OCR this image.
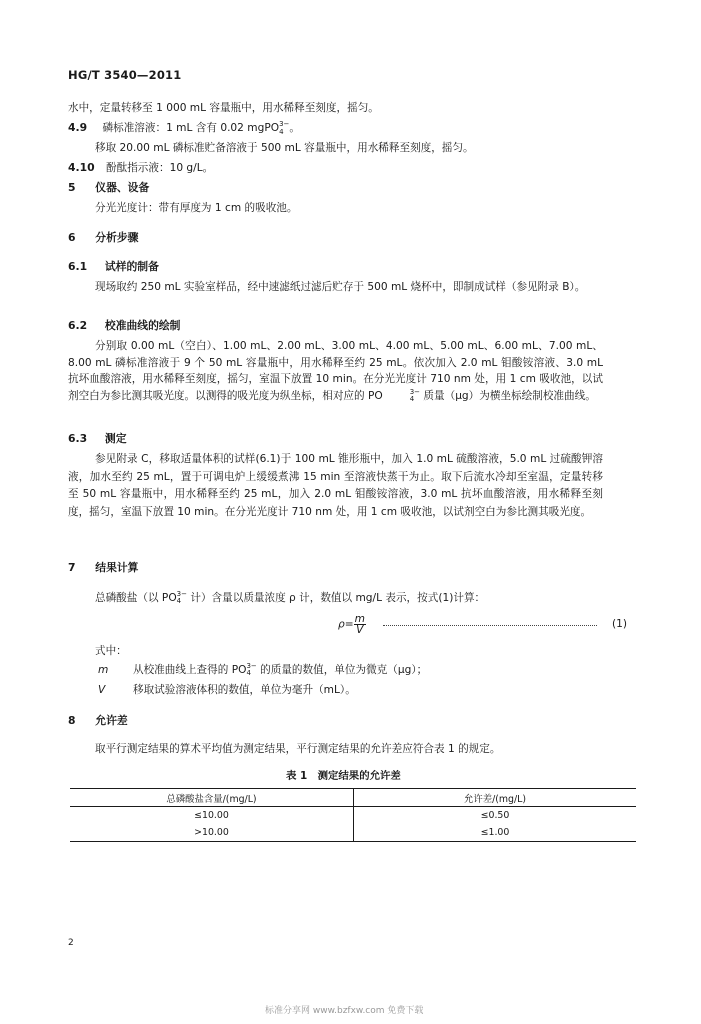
HG/T 3540—2011
水中，定量转移至 1 000 mL 容量瓶中，用水稀释至刻度，摇匀。
4.9 磷标准溶液：1 mL 含有 0.02 mgPO 3−
4 。
移取 20.00 mL 磷标准贮备溶液于 500 mL 容量瓶中，用水稀释至刻度，摇匀。
4.10 酚酞指示液：10 g/L。
5 仪器、设备
分光光度计：带有厚度为 1 cm 的吸收池。
6 分析步骤
6.1 试样的制备
现场取约 250 mL 实验室样品，经中速滤纸过滤后贮存于 500 mL 烧杯中，即制成试样（参见附录 B）。
6.2 校准曲线的绘制
分别取 0.00 mL（空白）、1.00 mL、2.00 mL、3.00 mL、4.00 mL、5.00 mL、6.00 mL、7.00 mL、8.00 mL 磷标准溶液于 9 个 50 mL 容量瓶中，用水稀释至约 25 mL。依次加入 2.0 mL 钼酸铵溶液、3.0 mL 抗坏血酸溶液，用水稀释至刻度，摇匀，室温下放置 10 min。在分光光度计 710 nm 处，用 1 cm 吸收池，以试剂空白为参比测其吸光度。以测得的吸光度为纵坐标，相对应的 PO	3−
4 质量（μg）为横坐标绘制校准曲线。
6.3 测定
参见附录 C，移取适量体积的试样(6.1)于 100 mL 锥形瓶中，加入 1.0 mL 硫酸溶液，5.0 mL 过硫酸钾溶液，加水至约 25 mL，置于可调电炉上缓缓煮沸 15 min 至溶液快蒸干为止。取下后流水冷却至室温，定量转移至 50 mL 容量瓶中，用水稀释至约 25 mL，加入 2.0 mL 钼酸铵溶液，3.0 mL 抗坏血酸溶液，用水稀释至刻度，摇匀，室温下放置 10 min。在分光光度计 710 nm 处，用 1 cm 吸收池，以试剂空白为参比测其吸光度。
7 结果计算
总磷酸盐（以 PO 3−
4 计）含量以质量浓度 ρ 计，数值以 mg/L 表示，按式(1)计算：
$\rho= \frac{m}{V}$	(1)
式中：
m 从校准曲线上查得的 PO 3−
4 的质量的数值，单位为微克（μg）；
V	移取试验溶液体积的数值，单位为毫升（mL）。
8 允许差
取平行测定结果的算术平均值为测定结果，平行测定结果的允许差应符合表 1 的规定。
表 1　测定结果的允许差
总磷酸盐含量/(mg/L)	允许差/(mg/L)
≤10.00	≤0.50
>10.00	≤1.00
2
标准分享网 www.bzfxw.com 免费下载
